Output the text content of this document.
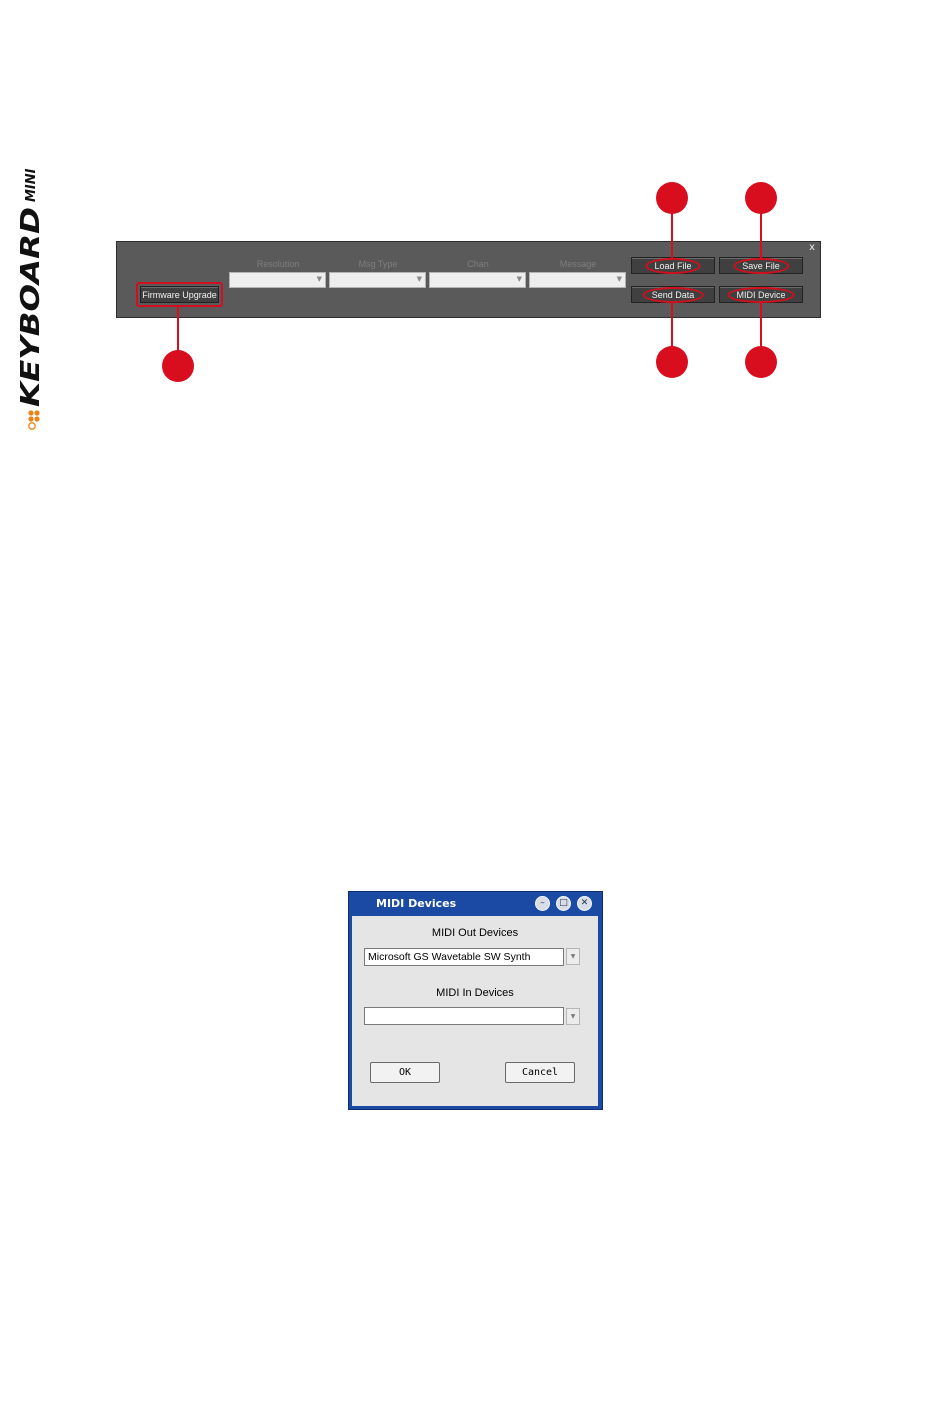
KEYBOARD
MINI
x
Resolution	Msg Type	Chan	Message
▼	▼	▼	▼
Firmware Upgrade
Load File	Save File
Send Data	MIDI Device
MIDI Devices	–	□	✕
MIDI Out Devices
Microsoft GS Wavetable SW Synth	▼
MIDI In Devices
▼
OK	Cancel
